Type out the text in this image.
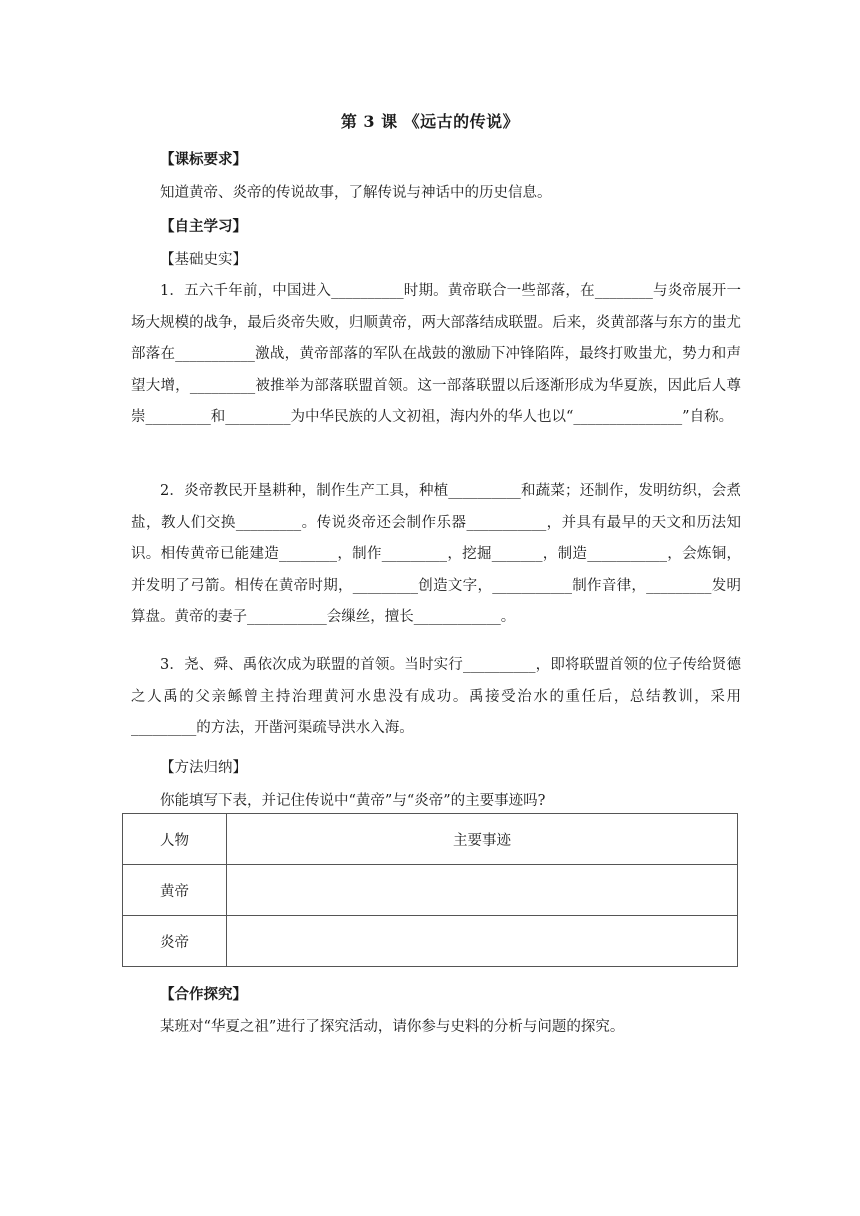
第 3 课 《远古的传说》
【课标要求】
知道黄帝、炎帝的传说故事，了解传说与神话中的历史信息。
【自主学习】
【基础史实】
1．五六千年前，中国进入__________时期。黄帝联合一些部落，在________与炎帝展开一场大规模的战争，最后炎帝失败，归顺黄帝，两大部落结成联盟。后来，炎黄部落与东方的蚩尤部落在___________激战，黄帝部落的军队在战鼓的激励下冲锋陷阵，最终打败蚩尤，势力和声望大增，_________被推举为部落联盟首领。这一部落联盟以后逐渐形成为华夏族，因此后人尊崇_________和_________为中华民族的人文初祖，海内外的华人也以“_______________”自称。
2．炎帝教民开垦耕种，制作生产工具，种植__________和蔬菜；还制作，发明纺织，会煮盐，教人们交换_________。传说炎帝还会制作乐器___________，并具有最早的天文和历法知识。相传黄帝已能建造________，制作_________，挖掘_______，制造___________，会炼铜，并发明了弓箭。相传在黄帝时期，_________创造文字，___________制作音律，_________发明算盘。黄帝的妻子___________会缫丝，擅长____________。
3．尧、舜、禹依次成为联盟的首领。当时实行__________，即将联盟首领的位子传给贤德之人禹的父亲鲧曾主持治理黄河水患没有成功。禹接受治水的重任后，总结教训，采用_________的方法，开凿河渠疏导洪水入海。
【方法归纳】
你能填写下表，并记住传说中“黄帝”与“炎帝”的主要事迹吗?
人物	主要事迹
黄帝	
炎帝	
【合作探究】
某班对“华夏之祖”进行了探究活动，请你参与史料的分析与问题的探究。
